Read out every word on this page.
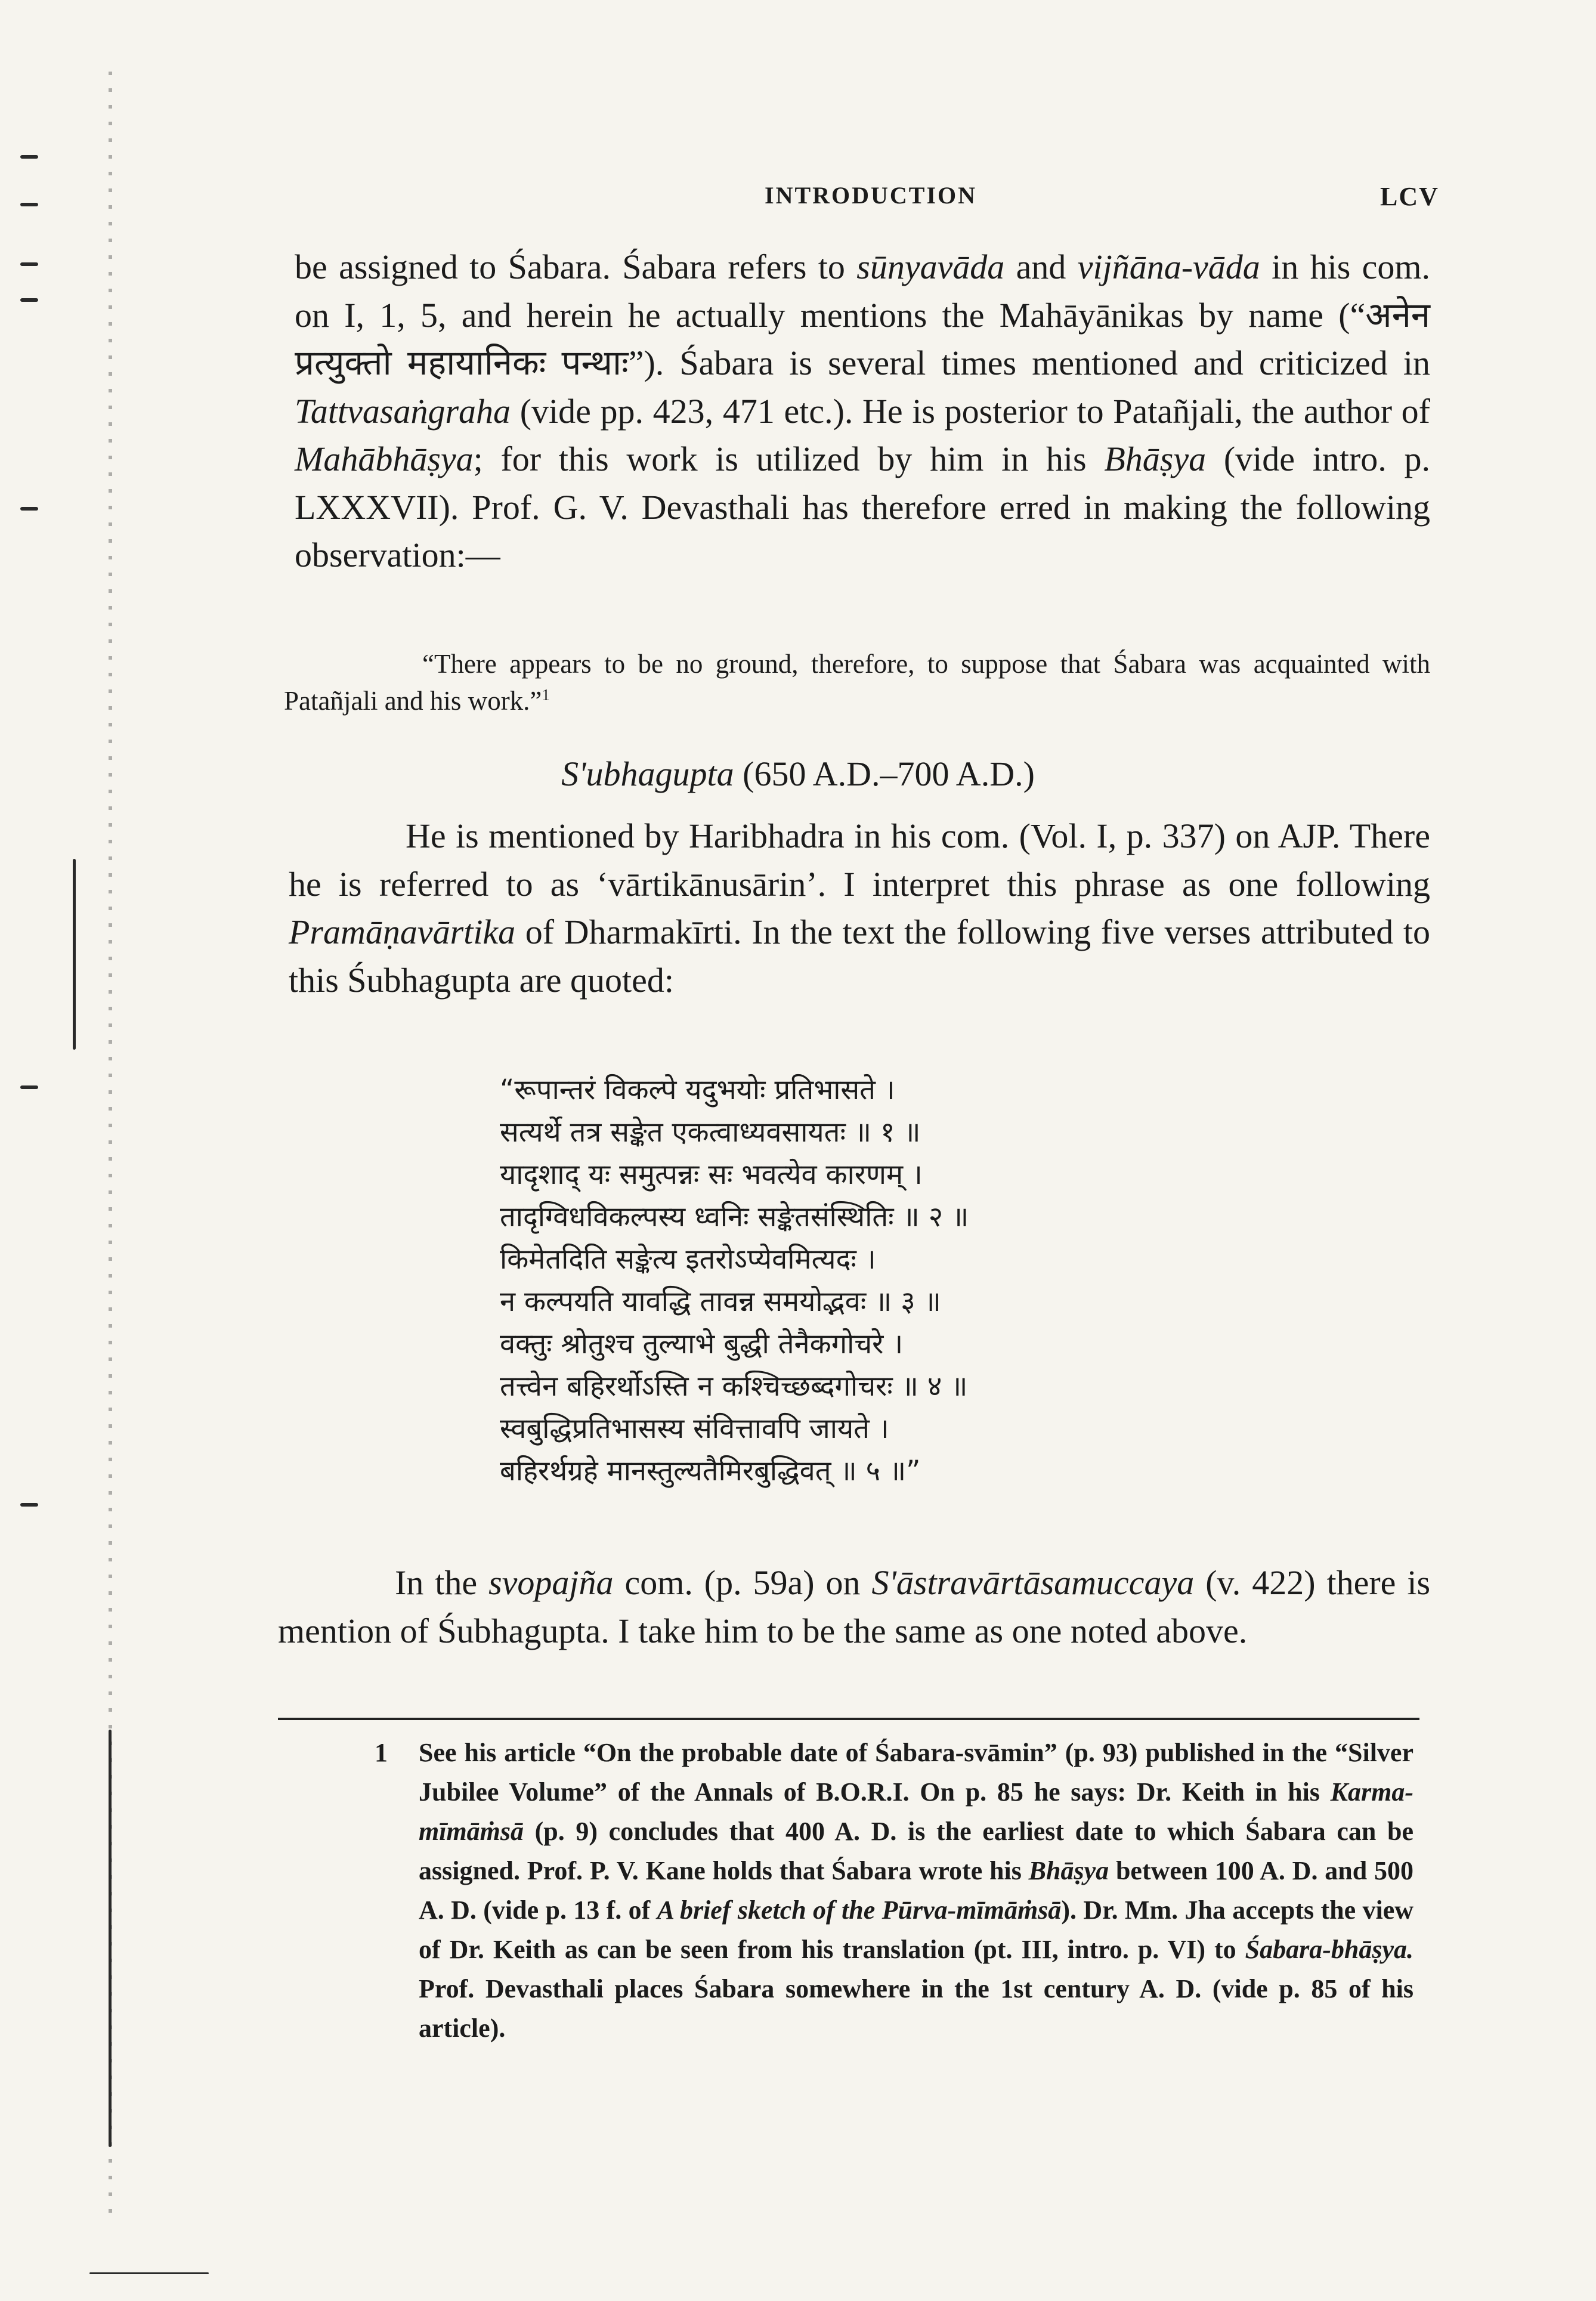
INTRODUCTION	LCV

be assigned to Śabara. Śabara refers to sūnyavāda and vijñāna-vāda in his com. on I, 1, 5, and herein he actually mentions the Mahāyānikas by name (“अनेन प्रत्युक्तो महायानिकः पन्थाः”). Śabara is several times mentioned and criticized in Tattvasaṅgraha (vide pp. 423, 471 etc.). He is posterior to Patañjali, the author of Mahābhāṣya; for this work is utilized by him in his Bhāṣya (vide intro. p. LXXXVII). Prof. G. V. Devasthali has therefore erred in making the following observation:—

“There appears to be no ground, therefore, to suppose that Śabara was acquainted with Patañjali and his work.”$^1$

S'ubhagupta (650 A.D.–700 A.D.)

He is mentioned by Haribhadra in his com. (Vol. I, p. 337) on AJP. There he is referred to as ‘vārtikānusārin’. I interpret this phrase as one following Pramāṇavārtika of Dharmakīrti. In the text the following five verses attributed to this Śubhagupta are quoted:

“रूपान्तरं विकल्पे यदुभयोः प्रतिभासते ।
सत्यर्थे तत्र सङ्केत एकत्वाध्यवसायतः ॥ १ ॥
यादृशाद् यः समुत्पन्नः सः भवत्येव कारणम् ।
तादृग्विधविकल्पस्य ध्वनिः सङ्केतसंस्थितिः ॥ २ ॥
किमेतदिति सङ्केत्य इतरोऽप्येवमित्यदः ।
न कल्पयति यावद्धि तावन्न समयोद्भवः ॥ ३ ॥
वक्तुः श्रोतुश्च तुल्याभे बुद्धी तेनैकगोचरे ।
तत्त्वेन बहिरर्थोऽस्ति न कश्चिच्छब्दगोचरः ॥ ४ ॥
स्वबुद्धिप्रतिभासस्य संवित्तावपि जायते ।
बहिरर्थग्रहे मानस्तुल्यतैमिरबुद्धिवत् ॥ ५ ॥”

In the svopajña com. (p. 59a) on S'āstravārtāsamuccaya (v. 422) there is mention of Śubhagupta. I take him to be the same as one noted above.

1 See his article “On the probable date of Śabara-svāmin” (p. 93) published in the “Silver Jubilee Volume” of the Annals of B.O.R.I. On p. 85 he says: Dr. Keith in his Karma-mīmāṁsā (p. 9) concludes that 400 A. D. is the earliest date to which Śabara can be assigned. Prof. P. V. Kane holds that Śabara wrote his Bhāṣya between 100 A. D. and 500 A. D. (vide p. 13 f. of A brief sketch of the Pūrva-mīmāṁsā). Dr. Mm. Jha accepts the view of Dr. Keith as can be seen from his translation (pt. III, intro. p. VI) to Śabara-bhāṣya. Prof. Devasthali places Śabara somewhere in the 1st century A. D. (vide p. 85 of his article).
